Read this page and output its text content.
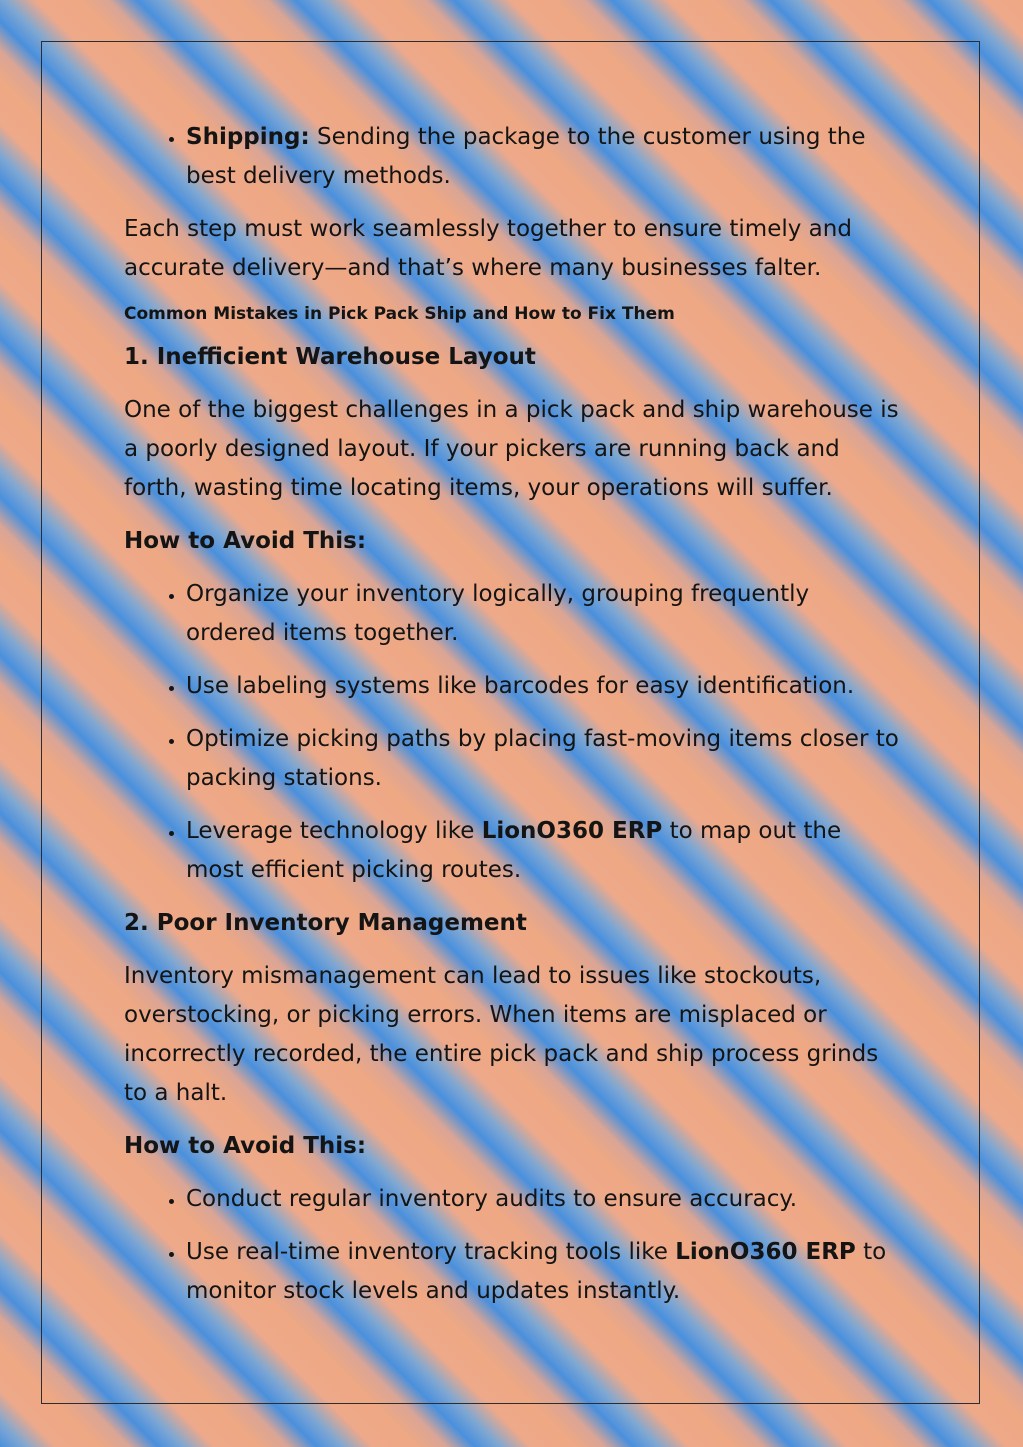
• Shipping: Sending the package to the customer using the best delivery methods.

Each step must work seamlessly together to ensure timely and accurate delivery—and that’s where many businesses falter.

Common Mistakes in Pick Pack Ship and How to Fix Them

1. Inefficient Warehouse Layout

One of the biggest challenges in a pick pack and ship warehouse is a poorly designed layout. If your pickers are running back and forth, wasting time locating items, your operations will suffer.

How to Avoid This:

• Organize your inventory logically, grouping frequently ordered items together.
• Use labeling systems like barcodes for easy identification.
• Optimize picking paths by placing fast-moving items closer to packing stations.
• Leverage technology like LionO360 ERP to map out the most efficient picking routes.

2. Poor Inventory Management

Inventory mismanagement can lead to issues like stockouts, overstocking, or picking errors. When items are misplaced or incorrectly recorded, the entire pick pack and ship process grinds to a halt.

How to Avoid This:

• Conduct regular inventory audits to ensure accuracy.
• Use real-time inventory tracking tools like LionO360 ERP to monitor stock levels and updates instantly.
